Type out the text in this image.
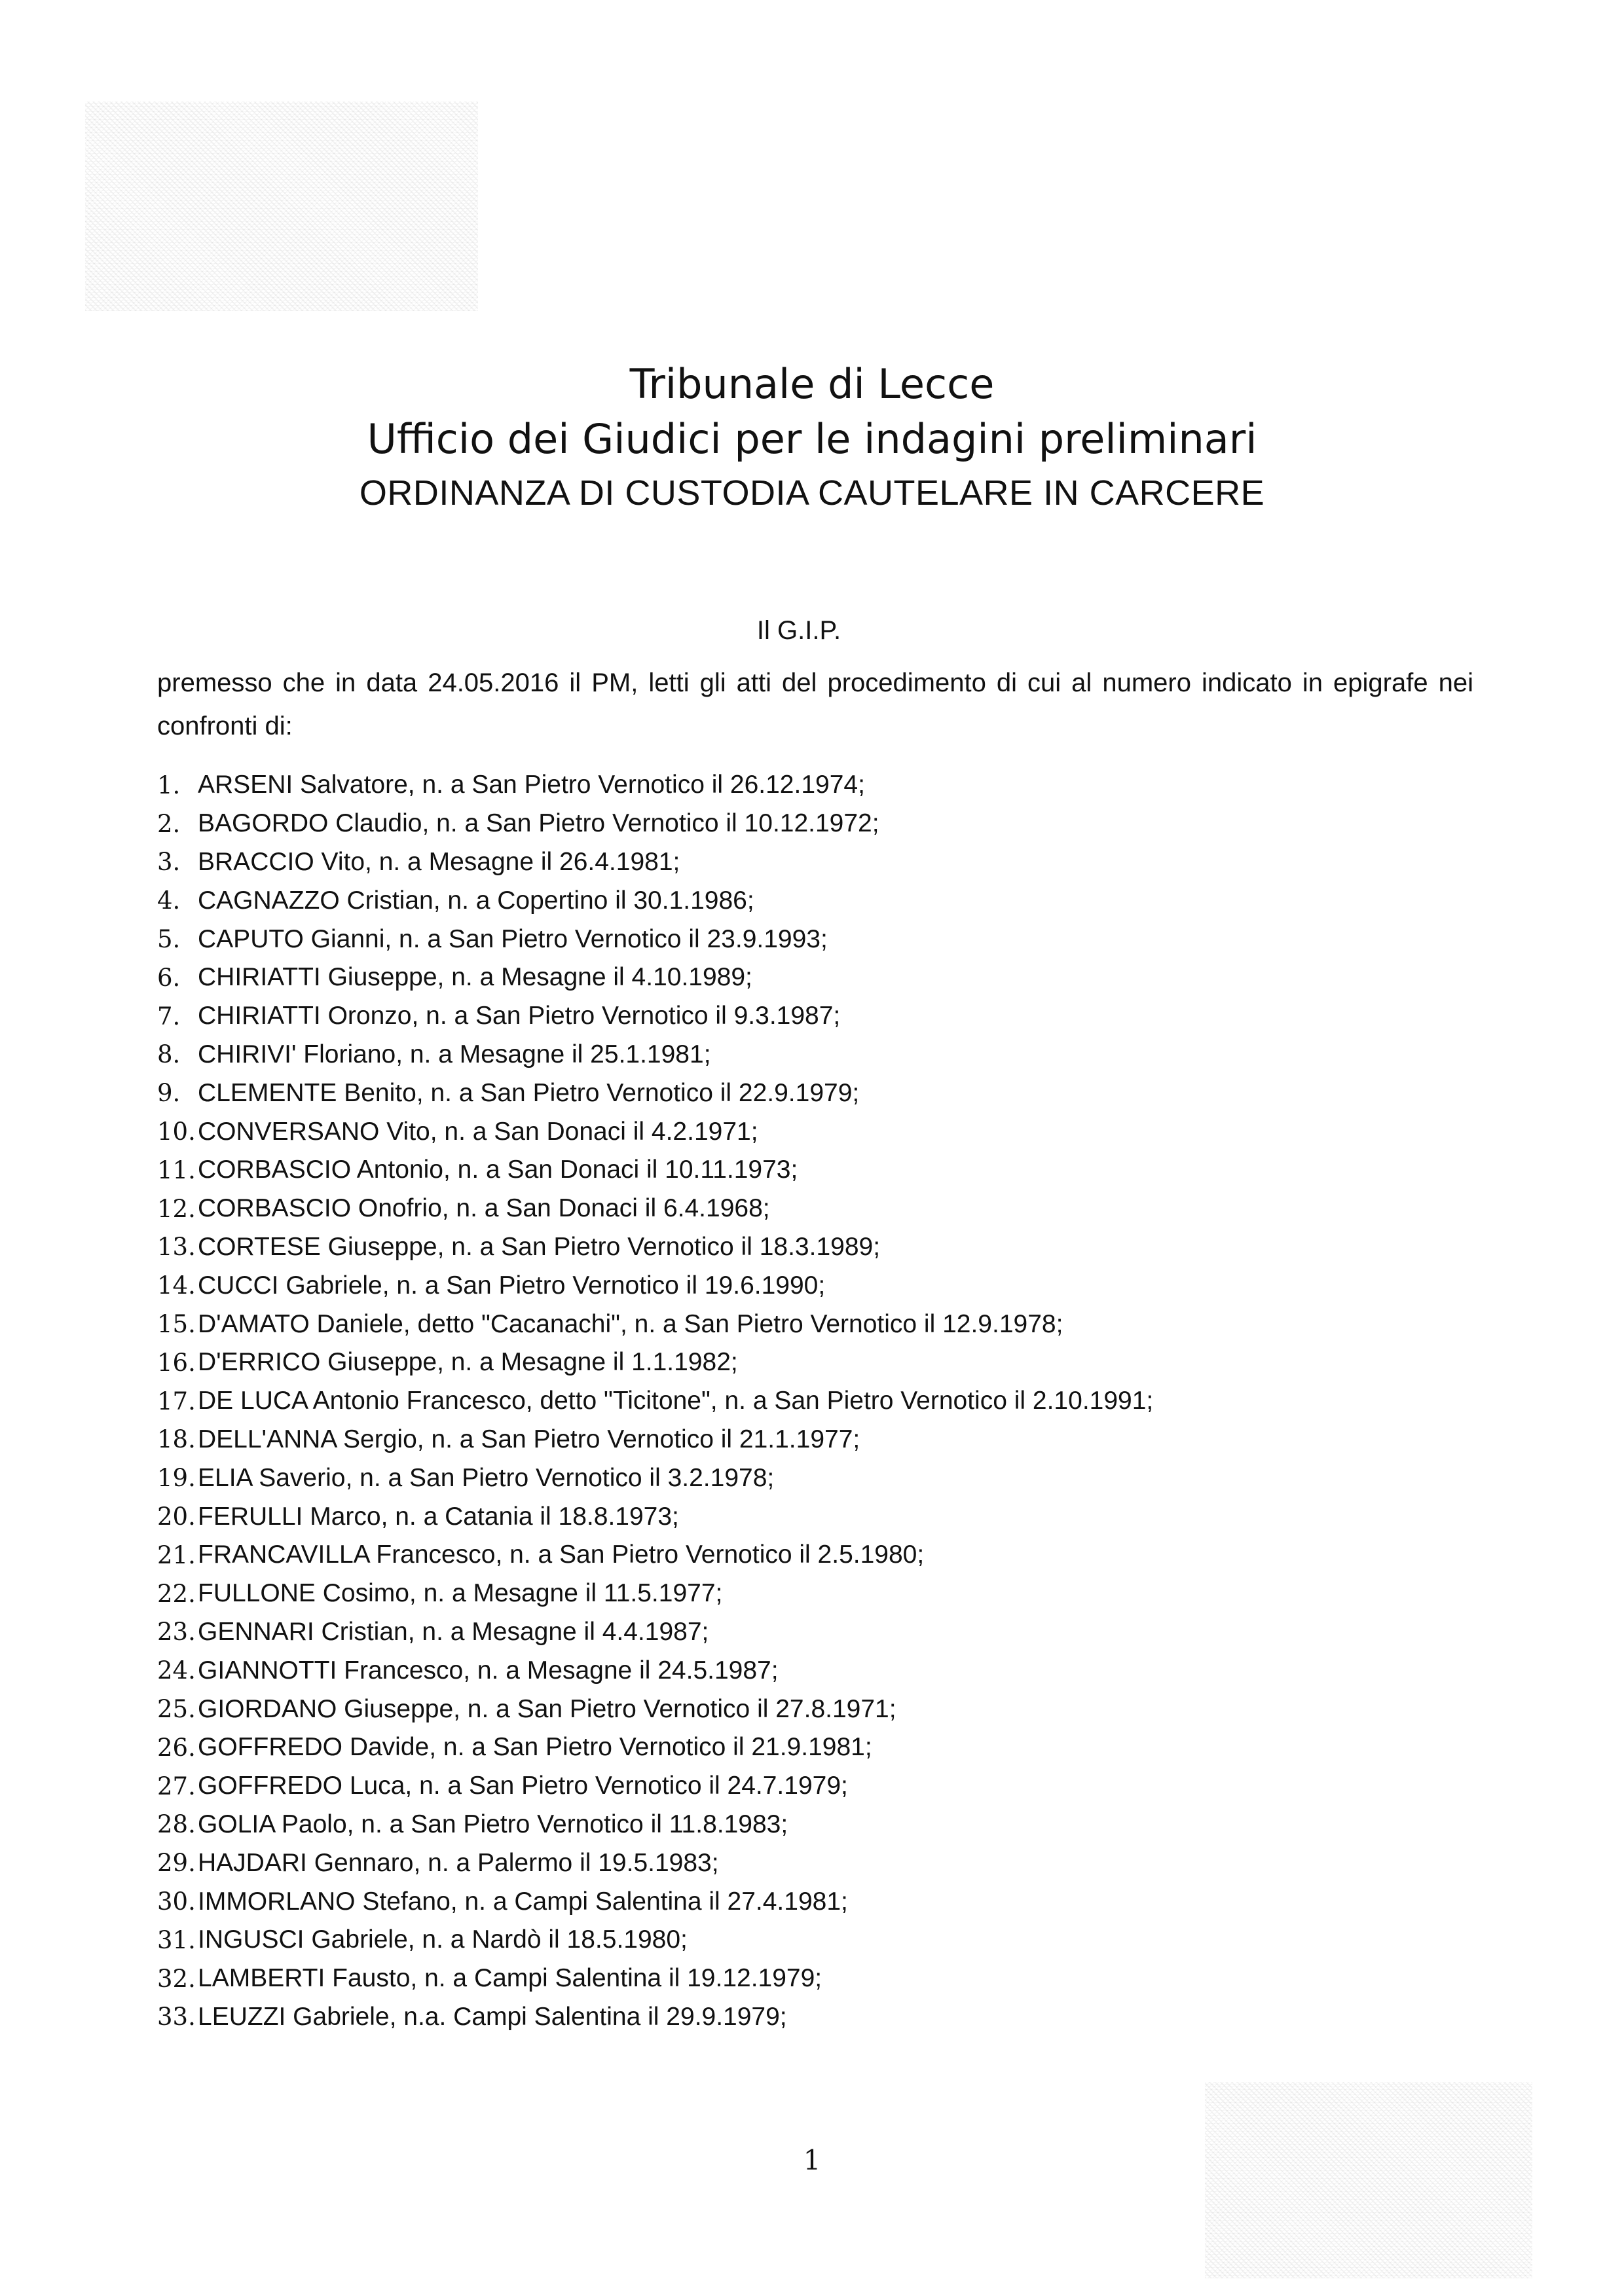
Tribunale di Lecce
Ufficio dei Giudici per le indagini preliminari
ORDINANZA DI CUSTODIA CAUTELARE IN CARCERE
Il G.I.P.
premesso che in data 24.05.2016 il PM, letti gli atti del procedimento di cui al numero indicato in epigrafe nei confronti di:
1. ARSENI Salvatore, n. a San Pietro Vernotico il 26.12.1974;
2. BAGORDO Claudio, n. a San Pietro Vernotico il 10.12.1972;
3. BRACCIO Vito, n. a Mesagne il 26.4.1981;
4. CAGNAZZO Cristian, n. a Copertino il 30.1.1986;
5. CAPUTO Gianni, n. a San Pietro Vernotico il 23.9.1993;
6. CHIRIATTI Giuseppe, n. a Mesagne il 4.10.1989;
7. CHIRIATTI Oronzo, n. a San Pietro Vernotico il 9.3.1987;
8. CHIRIVI' Floriano, n. a Mesagne il 25.1.1981;
9. CLEMENTE Benito, n. a San Pietro Vernotico il 22.9.1979;
10. CONVERSANO Vito, n. a San Donaci il 4.2.1971;
11. CORBASCIO Antonio, n. a San Donaci il 10.11.1973;
12. CORBASCIO Onofrio, n. a San Donaci il 6.4.1968;
13. CORTESE Giuseppe, n. a San Pietro Vernotico il 18.3.1989;
14. CUCCI Gabriele, n. a San Pietro Vernotico il 19.6.1990;
15. D'AMATO Daniele, detto "Cacanachi", n. a San Pietro Vernotico il 12.9.1978;
16. D'ERRICO Giuseppe, n. a Mesagne il 1.1.1982;
17. DE LUCA Antonio Francesco, detto "Ticitone", n. a San Pietro Vernotico il 2.10.1991;
18. DELL'ANNA Sergio, n. a San Pietro Vernotico il 21.1.1977;
19. ELIA Saverio, n. a San Pietro Vernotico il 3.2.1978;
20. FERULLI Marco, n. a Catania il 18.8.1973;
21. FRANCAVILLA Francesco, n. a San Pietro Vernotico il 2.5.1980;
22. FULLONE Cosimo, n. a Mesagne il 11.5.1977;
23. GENNARI Cristian, n. a Mesagne il 4.4.1987;
24. GIANNOTTI Francesco, n. a Mesagne il 24.5.1987;
25. GIORDANO Giuseppe, n. a San Pietro Vernotico il 27.8.1971;
26. GOFFREDO Davide, n. a San Pietro Vernotico il 21.9.1981;
27. GOFFREDO Luca, n. a San Pietro Vernotico il 24.7.1979;
28. GOLIA Paolo, n. a San Pietro Vernotico il 11.8.1983;
29. HAJDARI Gennaro, n. a Palermo il 19.5.1983;
30. IMMORLANO Stefano, n. a Campi Salentina il 27.4.1981;
31. INGUSCI Gabriele, n. a Nardò il 18.5.1980;
32. LAMBERTI Fausto, n. a Campi Salentina il 19.12.1979;
33. LEUZZI Gabriele, n.a. Campi Salentina il 29.9.1979;
1
